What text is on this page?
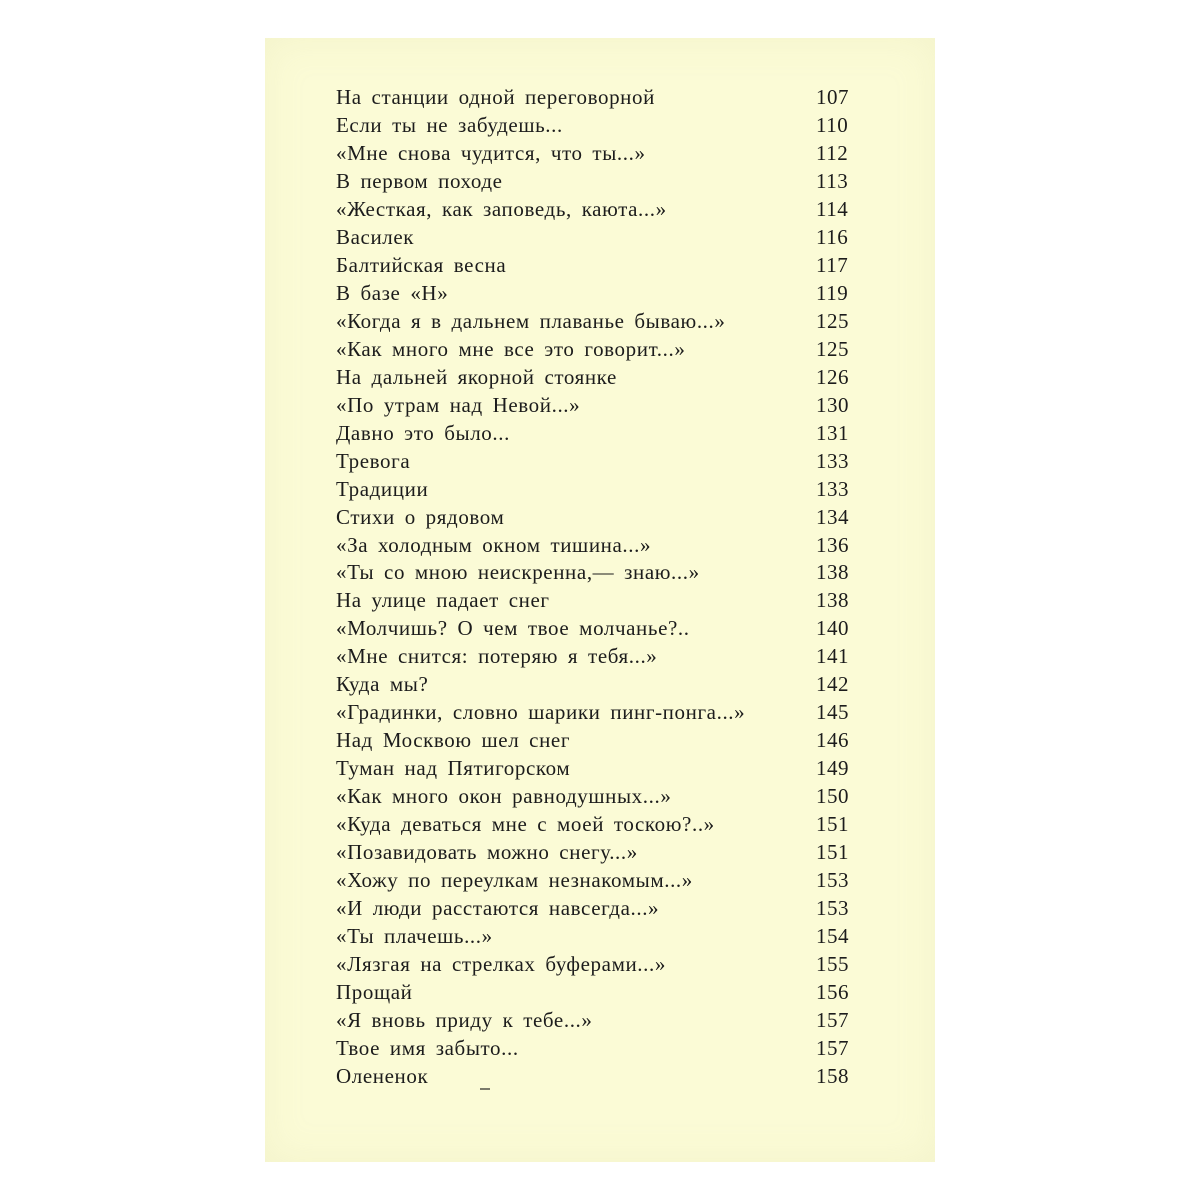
На станции одной переговорной	107
Если ты не забудешь...	110
«Мне снова чудится, что ты...»	112
В первом походе	113
«Жесткая, как заповедь, каюта...»	114
Василек	116
Балтийская весна	117
В базе «Н»	119
«Когда я в дальнем плаванье бываю...»	125
«Как много мне все это говорит...»	125
На дальней якорной стоянке	126
«По утрам над Невой...»	130
Давно это было...	131
Тревога	133
Традиции	133
Стихи о рядовом	134
«За холодным окном тишина...»	136
«Ты со мною неискренна,— знаю...»	138
На улице падает снег	138
«Молчишь? О чем твое молчанье?..	140
«Мне снится: потеряю я тебя...»	141
Куда мы?	142
«Градинки, словно шарики пинг-понга...»	145
Над Москвою шел снег	146
Туман над Пятигорском	149
«Как много окон равнодушных...»	150
«Куда деваться мне с моей тоскою?..»	151
«Позавидовать можно снегу...»	151
«Хожу по переулкам незнакомым...»	153
«И люди расстаются навсегда...»	153
«Ты плачешь...»	154
«Лязгая на стрелках буферами...»	155
Прощай	156
«Я вновь приду к тебе...»	157
Твое имя забыто...	157
Олененок	158
